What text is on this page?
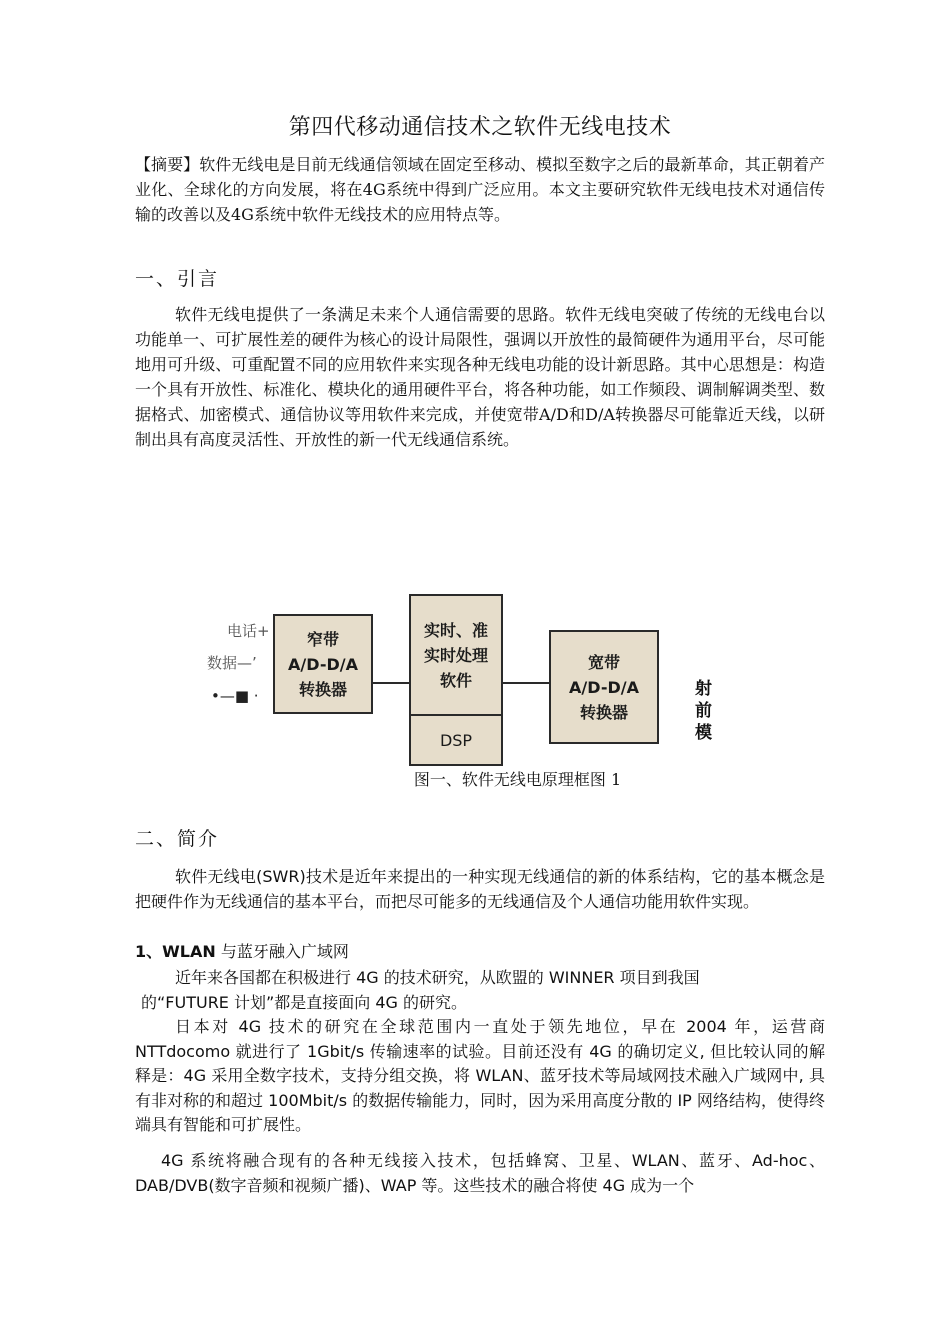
第四代移动通信技术之软件无线电技术
【摘要】软件无线电是目前无线通信领域在固定至移动、模拟至数字之后的最新革命，其正朝着产业化、全球化的方向发展，将在4G系统中得到广泛应用。本文主要研究软件无线电技术对通信传输的改善以及4G系统中软件无线技术的应用特点等。
一、引言
软件无线电提供了一条满足未来个人通信需要的思路。软件无线电突破了传统的无线电台以功能单一、可扩展性差的硬件为核心的设计局限性，强调以开放性的最简硬件为通用平台，尽可能地用可升级、可重配置不同的应用软件来实现各种无线电功能的设计新思路。其中心思想是：构造一个具有开放性、标准化、模块化的通用硬件平台，将各种功能，如工作频段、调制解调类型、数据格式、加密模式、通信协议等用软件来完成，并使宽带A/D和D/A转换器尽可能靠近天线，以研制出具有高度灵活性、开放性的新一代无线通信系统。
电话+
数据—’
•—■ ·
窄带
A/D-D/A
转换器
实时、准
实时处理
软件
DSP
宽带
A/D-D/A
转换器
射
前
模
图一、软件无线电原理框图 1
二、简介
软件无线电(SWR)技术是近年来提出的一种实现无线通信的新的体系结构，它的基本概念是把硬件作为无线通信的基本平台，而把尽可能多的无线通信及个人通信功能用软件实现。
1、WLAN 与蓝牙融入广域网
近年来各国都在积极进行 4G 的技术研究，从欧盟的 WINNER 项目到我国
的“FUTURE 计划”都是直接面向 4G 的研究。
日本对 4G 技术的研究在全球范围内一直处于领先地位，早在 2004 年，运营商 NTTdocomo 就进行了 1Gbit/s 传输速率的试验。目前还没有 4G 的确切定义, 但比较认同的解释是：4G 采用全数字技术，支持分组交换，将 WLAN、蓝牙技术等局域网技术融入广域网中, 具有非对称的和超过 100Mbit/s 的数据传输能力，同时，因为采用高度分散的 IP 网络结构，使得终端具有智能和可扩展性。
4G 系统将融合现有的各种无线接入技术，包括蜂窝、卫星、WLAN、蓝牙、Ad-hoc、DAB/DVB(数字音频和视频广播)、WAP 等。这些技术的融合将使 4G 成为一个
